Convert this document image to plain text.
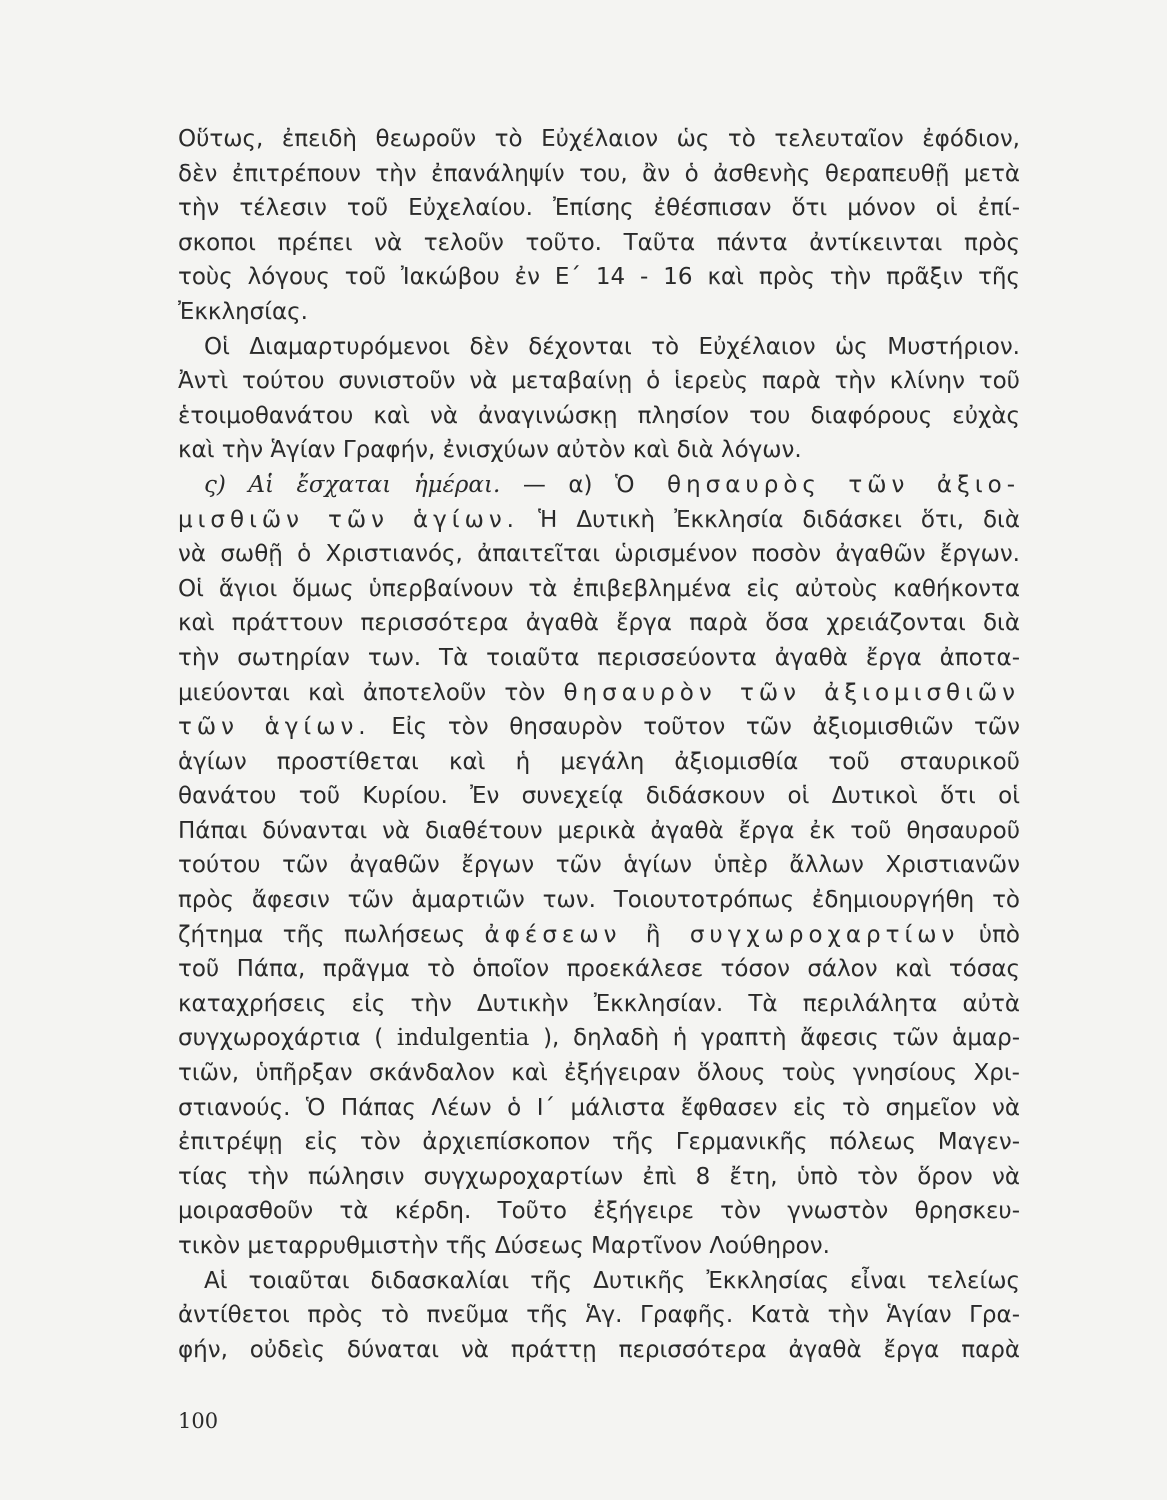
Οὕτως, ἐπειδὴ θεωροῦν τὸ Εὐχέλαιον ὡς τὸ τελευταῖον ἐφόδιον,
δὲν ἐπιτρέπουν τὴν ἐπανάληψίν του, ἂν ὁ ἀσθενὴς θεραπευθῇ μετὰ
τὴν τέλεσιν τοῦ Εὐχελαίου. Ἐπίσης ἐθέσπισαν ὅτι μόνον οἱ ἐπί-
σκοποι πρέπει νὰ τελοῦν τοῦτο. Ταῦτα πάντα ἀντίκεινται πρὸς
τοὺς λόγους τοῦ Ἰακώβου ἐν Ε΄ 14 - 16 καὶ πρὸς τὴν πρᾶξιν τῆς
Ἐκκλησίας.
Οἱ Διαμαρτυρόμενοι δὲν δέχονται τὸ Εὐχέλαιον ὡς Μυστήριον.
Ἀντὶ τούτου συνιστοῦν νὰ μεταβαίνῃ ὁ ἱερεὺς παρὰ τὴν κλίνην τοῦ
ἑτοιμοθανάτου καὶ νὰ ἀναγινώσκῃ πλησίον του διαφόρους εὐχὰς
καὶ τὴν Ἁγίαν Γραφήν, ἐνισχύων αὐτὸν καὶ διὰ λόγων.
ς) Αἱ ἔσχαται ἡμέραι. — α) Ὁ θησαυρὸς τῶν ἀξιο-
μισθιῶν τῶν ἁγίων. Ἡ Δυτικὴ Ἐκκλησία διδάσκει ὅτι, διὰ
νὰ σωθῇ ὁ Χριστιανός, ἀπαιτεῖται ὡρισμένον ποσὸν ἀγαθῶν ἔργων.
Οἱ ἅγιοι ὅμως ὑπερβαίνουν τὰ ἐπιβεβλημένα εἰς αὐτοὺς καθήκοντα
καὶ πράττουν περισσότερα ἀγαθὰ ἔργα παρὰ ὅσα χρειάζονται διὰ
τὴν σωτηρίαν των. Τὰ τοιαῦτα περισσεύοντα ἀγαθὰ ἔργα ἀποτα-
μιεύονται καὶ ἀποτελοῦν τὸν θησαυρὸν τῶν ἀξιομισθιῶν
τῶν ἁγίων. Εἰς τὸν θησαυρὸν τοῦτον τῶν ἀξιομισθιῶν τῶν
ἁγίων προστίθεται καὶ ἡ μεγάλη ἀξιομισθία τοῦ σταυρικοῦ
θανάτου τοῦ Κυρίου. Ἐν συνεχείᾳ διδάσκουν οἱ Δυτικοὶ ὅτι οἱ
Πάπαι δύνανται νὰ διαθέτουν μερικὰ ἀγαθὰ ἔργα ἐκ τοῦ θησαυροῦ
τούτου τῶν ἀγαθῶν ἔργων τῶν ἁγίων ὑπὲρ ἄλλων Χριστιανῶν
πρὸς ἄφεσιν τῶν ἁμαρτιῶν των. Τοιουτοτρόπως ἐδημιουργήθη τὸ
ζήτημα τῆς πωλήσεως ἀφέσεων ἢ συγχωροχαρτίων ὑπὸ
τοῦ Πάπα, πρᾶγμα τὸ ὁποῖον προεκάλεσε τόσον σάλον καὶ τόσας
καταχρήσεις εἰς τὴν Δυτικὴν Ἐκκλησίαν. Τὰ περιλάλητα αὐτὰ
συγχωροχάρτια ( indulgentia ), δηλαδὴ ἡ γραπτὴ ἄφεσις τῶν ἁμαρ-
τιῶν, ὑπῆρξαν σκάνδαλον καὶ ἐξήγειραν ὅλους τοὺς γνησίους Χρι-
στιανούς. Ὁ Πάπας Λέων ὁ Ι΄ μάλιστα ἔφθασεν εἰς τὸ σημεῖον νὰ
ἐπιτρέψῃ εἰς τὸν ἀρχιεπίσκοπον τῆς Γερμανικῆς πόλεως Μαγεν-
τίας τὴν πώλησιν συγχωροχαρτίων ἐπὶ 8 ἔτη, ὑπὸ τὸν ὅρον νὰ
μοιρασθοῦν τὰ κέρδη. Τοῦτο ἐξήγειρε τὸν γνωστὸν θρησκευ-
τικὸν μεταρρυθμιστὴν τῆς Δύσεως Μαρτῖνον Λούθηρον.
Αἱ τοιαῦται διδασκαλίαι τῆς Δυτικῆς Ἐκκλησίας εἶναι τελείως
ἀντίθετοι πρὸς τὸ πνεῦμα τῆς Ἁγ. Γραφῆς. Κατὰ τὴν Ἁγίαν Γρα-
φήν, οὐδεὶς δύναται νὰ πράττῃ περισσότερα ἀγαθὰ ἔργα παρὰ
100
